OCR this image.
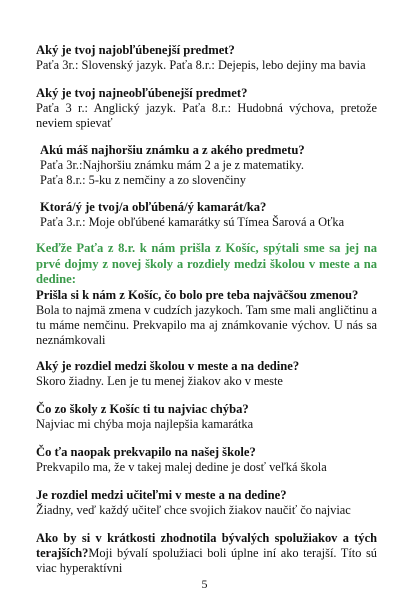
Aký je tvoj najobľúbenejší predmet?
Paťa 3r.: Slovenský jazyk. Paťa 8.r.: Dejepis, lebo dejiny ma bavia
Aký je tvoj najneobľúbenejší predmet?
Paťa 3 r.: Anglický jazyk. Paťa 8.r.: Hudobná výchova, pretože neviem spievať
Akú máš najhoršiu známku a z akého predmetu?
Paťa 3r.:Najhoršiu známku mám 2 a je z matematiky.
Paťa 8.r.: 5-ku z nemčiny a zo slovenčiny
Ktorá/ý je tvoj/a obľúbená/ý kamarát/ka?
Paťa 3.r.: Moje obľúbené kamarátky sú Tímea Šarová a Oťka
Keďže Paťa z 8.r. k nám prišla z Košíc, spýtali sme sa jej na prvé dojmy z novej školy a rozdiely medzi školou v meste a na dedine:
Prišla si k nám z Košíc, čo bolo pre teba najväčšou zmenou?
Bola to najmä zmena v cudzích jazykoch. Tam sme mali angličtinu a tu máme nemčinu. Prekvapilo ma aj známkovanie výchov. U nás sa neznámkovali
Aký je rozdiel medzi školou v meste a na dedine?
Skoro žiadny. Len je tu menej žiakov ako v meste
Čo zo školy z Košíc ti tu najviac chýba?
Najviac mi chýba moja najlepšia kamarátka
Čo ťa naopak prekvapilo na našej škole?
Prekvapilo ma, že v takej malej dedine je dosť veľká škola
Je rozdiel medzi učiteľmi v meste a na dedine?
Žiadny, veď každý učiteľ chce svojich žiakov naučiť čo najviac
Ako by si v krátkosti zhodnotila bývalých spolužiakov a tých terajších?Moji bývalí spolužiaci boli úplne iní ako terajší. Títo sú viac hyperaktívni
5
